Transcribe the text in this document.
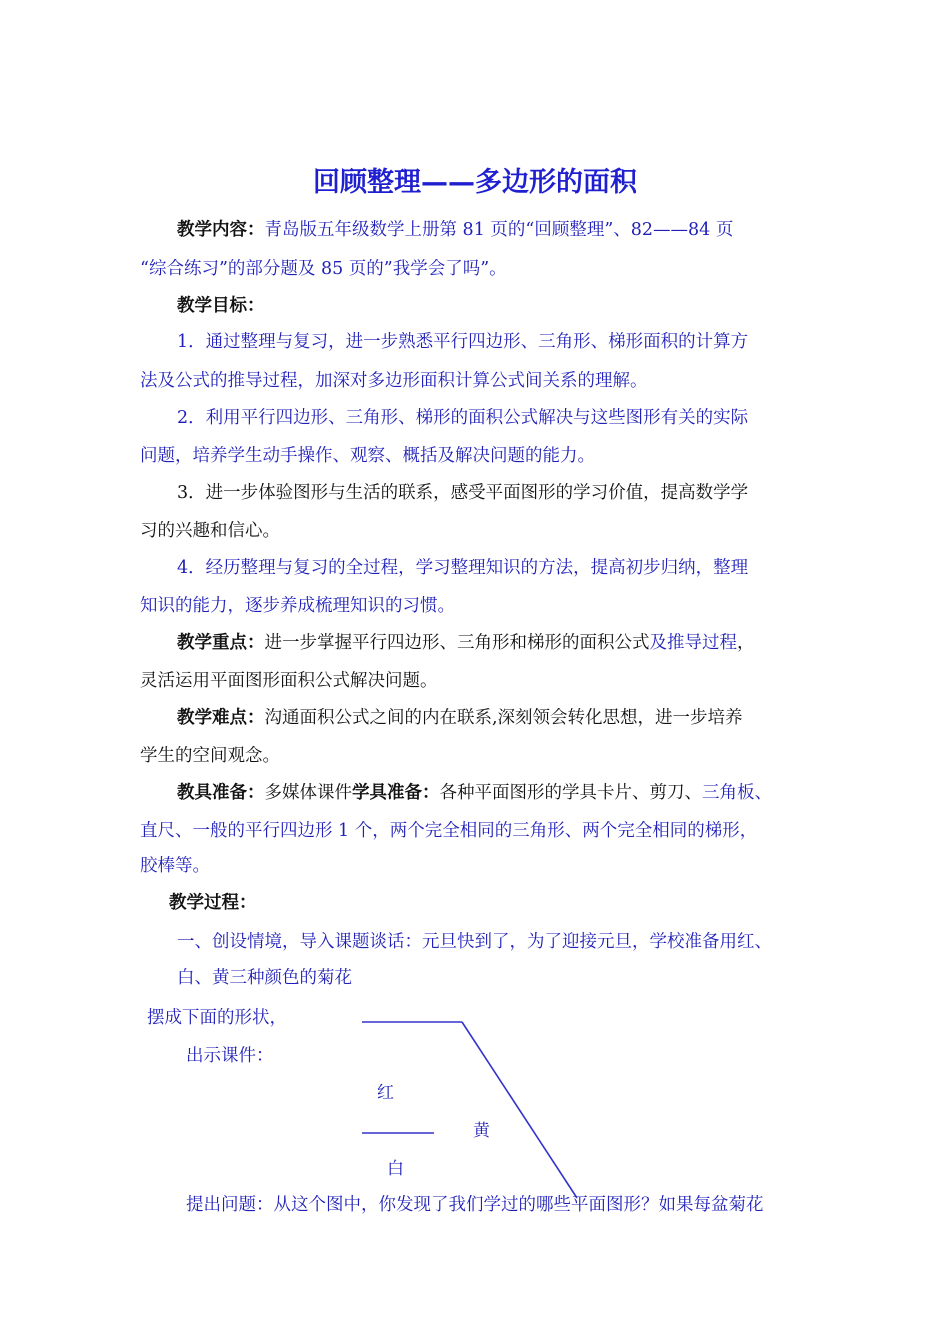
回顾整理——多边形的面积
教学内容：青岛版五年级数学上册第 81 页的“回顾整理”、82——84 页
“综合练习”的部分题及 85 页的”我学会了吗”。
教学目标：
1．通过整理与复习，进一步熟悉平行四边形、三角形、梯形面积的计算方
法及公式的推导过程，加深对多边形面积计算公式间关系的理解。
2．利用平行四边形、三角形、梯形的面积公式解决与这些图形有关的实际
问题，培养学生动手操作、观察、概括及解决问题的能力。
3．进一步体验图形与生活的联系，感受平面图形的学习价值，提高数学学
习的兴趣和信心。
4．经历整理与复习的全过程，学习整理知识的方法，提高初步归纳，整理
知识的能力，逐步养成梳理知识的习惯。
教学重点：进一步掌握平行四边形、三角形和梯形的面积公式及推导过程，
灵活运用平面图形面积公式解决问题。
教学难点：沟通面积公式之间的内在联系,深刻领会转化思想，进一步培养
学生的空间观念。
教具准备：多媒体课件学具准备：各种平面图形的学具卡片、剪刀、三角板、
直尺、一般的平行四边形 1 个，两个完全相同的三角形、两个完全相同的梯形，
胶棒等。
教学过程：
一、创设情境，导入课题谈话：元旦快到了，为了迎接元旦，学校准备用红、
白、黄三种颜色的菊花
摆成下面的形状，
出示课件：
红
黄
白
提出问题：从这个图中，你发现了我们学过的哪些平面图形？如果每盆菊花
